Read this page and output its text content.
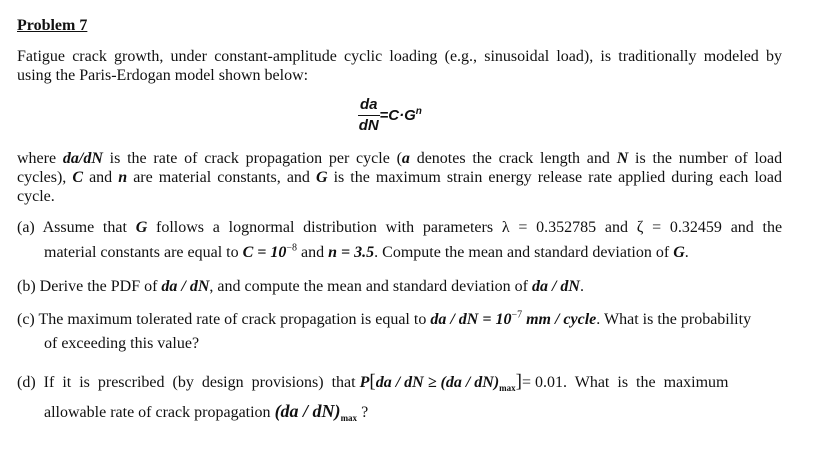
Problem 7
Fatigue crack growth, under constant-amplitude cyclic loading (e.g., sinusoidal load), is traditionally modeled by
using the Paris-Erdogan model shown below:
$\frac{da}{dN} =C\cdot G^n$
where da/dN is the rate of crack propagation per cycle (a denotes the crack length and N is the number of load
cycles), C and n are material constants, and G is the maximum strain energy release rate applied during each load
cycle.
(a) Assume that G follows a lognormal distribution with parameters λ = 0.352785 and ζ = 0.32459 and the
material constants are equal to $C = 10^{-8}$ and n = 3.5. Compute the mean and standard deviation of G.
(b) Derive the PDF of da / dN, and compute the mean and standard deviation of da / dN.
(c) The maximum tolerated rate of crack propagation is equal to da / dN = $10^{-7}$ mm / cycle. What is the probability
of exceeding this value?
(d)  If  it  is  prescribed  (by  design  provisions)  that P[da / dN ≥ $(da / dN)_{max}]= 0.01$.  What  is  the  maximum
allowable rate of crack propagation $(da / dN)_{max}$ ?
